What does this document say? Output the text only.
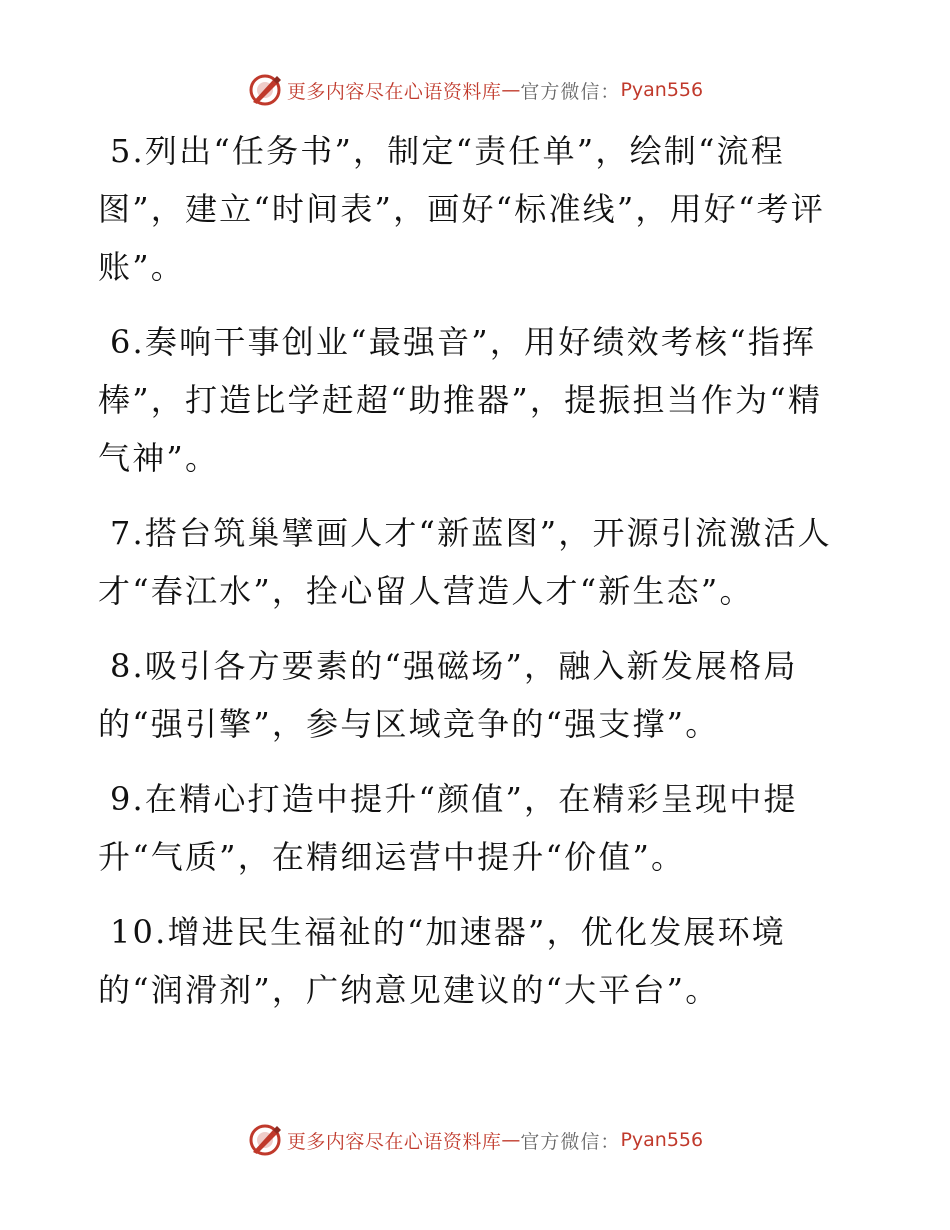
更多内容尽在心语资料库 — 官方微信： Pyan556

5.列出“任务书”，制定“责任单”，绘制“流程图”，建立“时间表”，画好“标准线”，用好“考评账”。

6.奏响干事创业“最强音”，用好绩效考核“指挥棒”，打造比学赶超“助推器”，提振担当作为“精气神”。

7.搭台筑巢擘画人才“新蓝图”，开源引流激活人才“春江水”，拴心留人营造人才“新生态”。

8.吸引各方要素的“强磁场”，融入新发展格局的“强引擎”，参与区域竞争的“强支撑”。

9.在精心打造中提升“颜值”，在精彩呈现中提升“气质”，在精细运营中提升“价值”。

10.增进民生福祉的“加速器”，优化发展环境的“润滑剂”，广纳意见建议的“大平台”。

更多内容尽在心语资料库 — 官方微信： Pyan556
